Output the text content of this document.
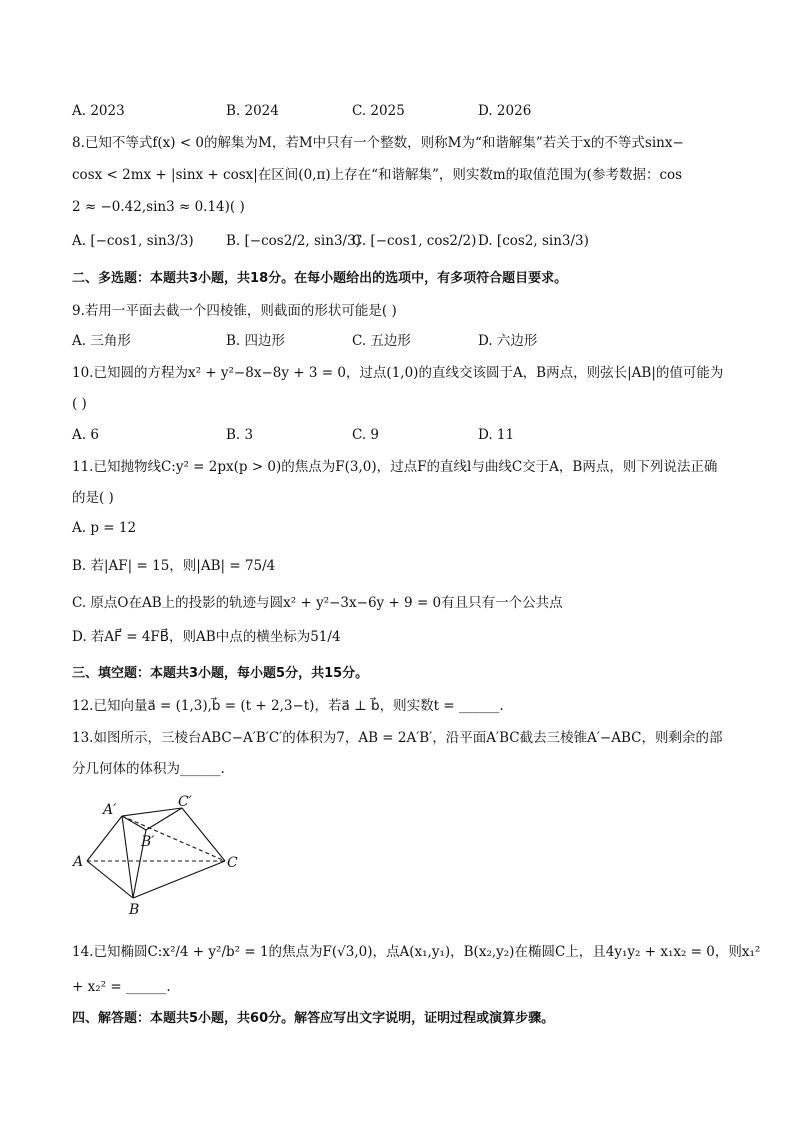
A. 2023	B. 2024	C. 2025	D. 2026
8.已知不等式f(x) < 0的解集为M，若M中只有一个整数，则称M为“和谐解集”若关于x的不等式sinx−
cosx < 2mx + |sinx + cosx|在区间(0,π)上存在“和谐解集”，则实数m的取值范围为(参考数据：cos
2 ≈ −0.42,sin3 ≈ 0.14)( )
A. [−cos1, sin3/3) B. [−cos2/2, sin3/3)
C. [−cos1, cos2/2) D. [cos2, sin3/3)
二、多选题：本题共3小题，共18分。在每小题给出的选项中，有多项符合题目要求。
9.若用一平面去截一个四棱锥，则截面的形状可能是( )
A. 三角形	B. 四边形	C. 五边形	D. 六边形
10.已知圆的方程为x² + y²−8x−8y + 3 = 0，过点(1,0)的直线交该圆于A，B两点，则弦长|AB|的值可能为
( )
A. 6	B. 3	C. 9	D. 11
11.已知抛物线C:y² = 2px(p > 0)的焦点为F(3,0)，过点F的直线l与曲线C交于A，B两点，则下列说法正确
的是( )
A. p = 12
B. 若|AF| = 15，则|AB| = 75/4
C. 原点O在AB上的投影的轨迹与圆x² + y²−3x−6y + 9 = 0有且只有一个公共点
D. 若AF⃗ = 4FB⃗，则AB中点的横坐标为51/4
三、填空题：本题共3小题，每小题5分，共15分。
12.已知向量a⃗ = (1,3),b⃗ = (t + 2,3−t)，若a⃗ ⊥ b⃗，则实数t = ______.
13.如图所示，三棱台ABC−A′B′C′的体积为7，AB = 2A′B′，沿平面A′BC截去三棱锥A′−ABC，则剩余的部
分几何体的体积为______.
A′	C′
B′
A	C
B
14.已知椭圆C:x²/4 + y²/b² = 1的焦点为F(√3,0)，点A(x₁,y₁)，B(x₂,y₂)在椭圆C上，且4y₁y₂ + x₁x₂ = 0，则x₁²
+ x₂² = ______.
四、解答题：本题共5小题，共60分。解答应写出文字说明，证明过程或演算步骤。
